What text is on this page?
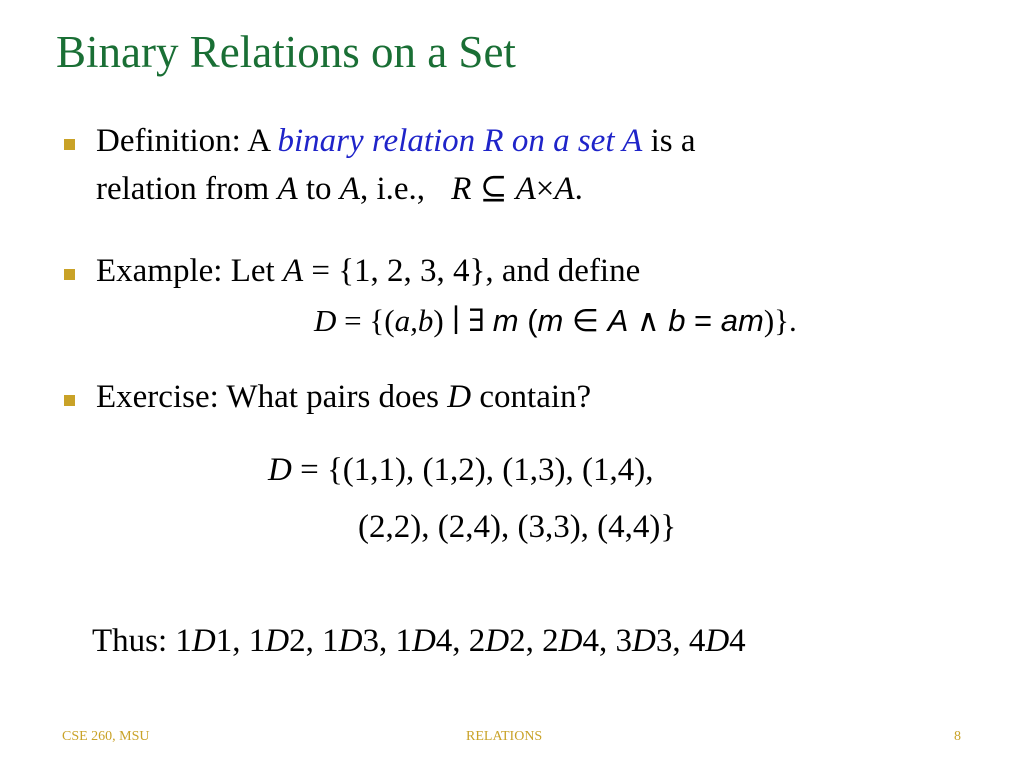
Binary Relations on a Set
Definition: A binary relation R on a set A is a
relation from A to A, i.e., R ⊆ A×A.
Example: Let A = {1, 2, 3, 4}, and define
D = {(a,b) ∣ ∃ m (m ∈ A ∧ b = am)}.
Exercise: What pairs does D contain?
D = {(1,1), (1,2), (1,3), (1,4),
(2,2), (2,4), (3,3), (4,4)}
Thus: 1D1, 1D2, 1D3, 1D4, 2D2, 2D4, 3D3, 4D4
CSE 260, MSU	RELATIONS	8
